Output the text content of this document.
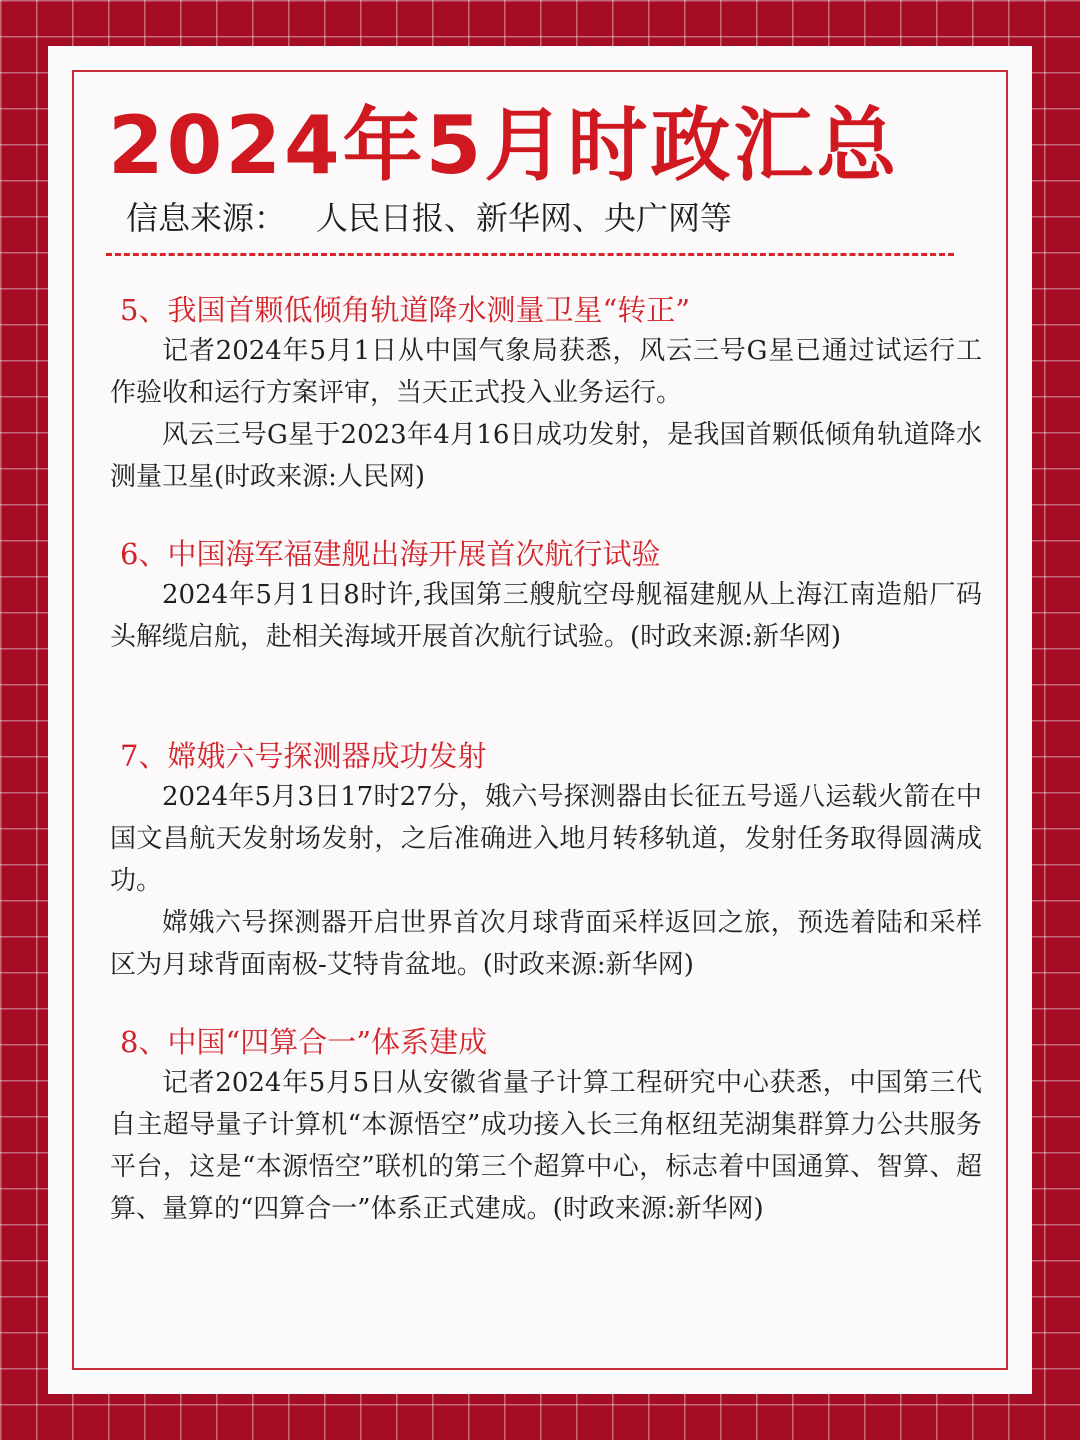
2024年5月时政汇总
信息来源： 人民日报、新华网、央广网等
5、我国首颗低倾角轨道降水测量卫星“转正”

记者2024年5月1日从中国气象局获悉，风云三号G星已通过试运行工作验收和运行方案评审，当天正式投入业务运行。

风云三号G星于2023年4月16日成功发射，是我国首颗低倾角轨道降水测量卫星(时政来源:人民网)

6、中国海军福建舰出海开展首次航行试验

2024年5月1日8时许,我国第三艘航空母舰福建舰从上海江南造船厂码头解缆启航，赴相关海域开展首次航行试验。(时政来源:新华网)

7、嫦娥六号探测器成功发射

2024年5月3日17时27分，娥六号探测器由长征五号遥八运载火箭在中国文昌航天发射场发射，之后准确进入地月转移轨道，发射任务取得圆满成功。

嫦娥六号探测器开启世界首次月球背面采样返回之旅，预选着陆和采样区为月球背面南极-艾特肯盆地。(时政来源:新华网)

8、中国“四算合一”体系建成

记者2024年5月5日从安徽省量子计算工程研究中心获悉，中国第三代自主超导量子计算机“本源悟空”成功接入长三角枢纽芜湖集群算力公共服务平台，这是“本源悟空”联机的第三个超算中心，标志着中国通算、智算、超算、量算的“四算合一”体系正式建成。(时政来源:新华网)
